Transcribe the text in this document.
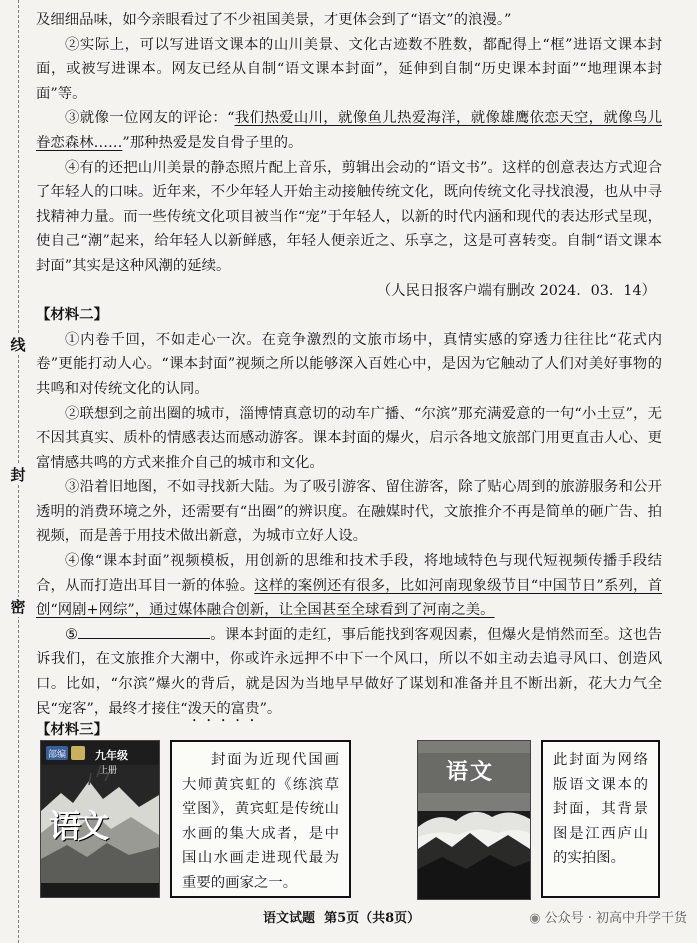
线
封
密

及细细品味，如今亲眼看过了不少祖国美景，才更体会到了“语文”的浪漫。”

②实际上，可以写进语文课本的山川美景、文化古迹数不胜数，都配得上“框”进语文课本封面，或被写进课本。网友已经从自制“语文课本封面”，延伸到自制“历史课本封面”“地理课本封面”等。

③就像一位网友的评论：“我们热爱山川，就像鱼儿热爱海洋，就像雄鹰依恋天空，就像鸟儿眷恋森林……”那种热爱是发自骨子里的。

④有的还把山川美景的静态照片配上音乐，剪辑出会动的“语文书”。这样的创意表达方式迎合了年轻人的口味。近年来，不少年轻人开始主动接触传统文化，既向传统文化寻找浪漫，也从中寻找精神力量。而一些传统文化项目被当作“宠”于年轻人，以新的时代内涵和现代的表达形式呈现，使自己“潮”起来，给年轻人以新鲜感，年轻人便亲近之、乐享之，这是可喜转变。自制“语文课本封面”其实是这种风潮的延续。

（人民日报客户端有删改 2024．03．14）

【材料二】

①内卷千回，不如走心一次。在竞争激烈的文旅市场中，真情实感的穿透力往往比“花式内卷”更能打动人心。“课本封面”视频之所以能够深入百姓心中，是因为它触动了人们对美好事物的共鸣和对传统文化的认同。

②联想到之前出圈的城市，淄博情真意切的动车广播、“尔滨”那充满爱意的一句“小土豆”，无不因其真实、质朴的情感表达而感动游客。课本封面的爆火，启示各地文旅部门用更直击人心、更富情感共鸣的方式来推介自己的城市和文化。

③沿着旧地图，不如寻找新大陆。为了吸引游客、留住游客，除了贴心周到的旅游服务和公开透明的消费环境之外，还需要有“出圈”的辨识度。在融媒时代，文旅推介不再是简单的砸广告、拍视频，而是善于用技术做出新意，为城市立好人设。

④像“课本封面”视频模板，用创新的思维和技术手段，将地域特色与现代短视频传播手段结合，从而打造出耳目一新的体验。这样的案例还有很多，比如河南现象级节目“中国节日”系列，首创“网剧+网综”，通过媒体融合创新，让全国甚至全球看到了河南之美。

⑤	。课本封面的走红，事后能找到客观因素，但爆火是悄然而至。这也告诉我们，在文旅推介大潮中，你或许永远押不中下一个风口，所以不如主动去追寻风口、创造风口。比如，“尔滨”爆火的背后，就是因为当地早早做好了谋划和准备并且不断出新，花大力气全民“宠客”，最终才接住“泼天的富贵”。

【材料三】
部编	九年级
上册
语文
封面为近现代国画大师黄宾虹的《练滨草堂图》，黄宾虹是传统山水画的集大成者，是中国山水画走进现代最为重要的画家之一。
语文	此封面为网络版语文课本的封面，其背景图是江西庐山的实拍图。
语文试题 第5页（共8页）	◉ 公众号 · 初高中升学干货
